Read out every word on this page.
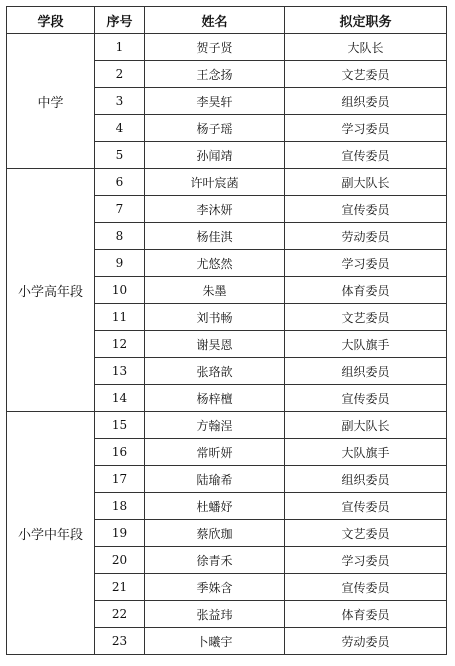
学段	序号	姓名	拟定职务
中学	1	贺子贤	大队长
	2	王念扬	文艺委员
	3	李昊轩	组织委员
	4	杨子瑶	学习委员
	5	孙闻靖	宣传委员
小学高年段	6	许叶宸菡	副大队长
	7	李沐妍	宣传委员
	8	杨佳淇	劳动委员
	9	尤悠然	学习委员
	10	朱墨	体育委员
	11	刘书畅	文艺委员
	12	谢昊恩	大队旗手
	13	张珞歆	组织委员
	14	杨梓檀	宣传委员
小学中年段	15	方翰浧	副大队长
	16	常昕妍	大队旗手
	17	陆瑜希	组织委员
	18	杜蟠妤	宣传委员
	19	蔡欣珈	文艺委员
	20	徐青禾	学习委员
	21	季姝含	宣传委员
	22	张益玮	体育委员
	23	卜曦宇	劳动委员
